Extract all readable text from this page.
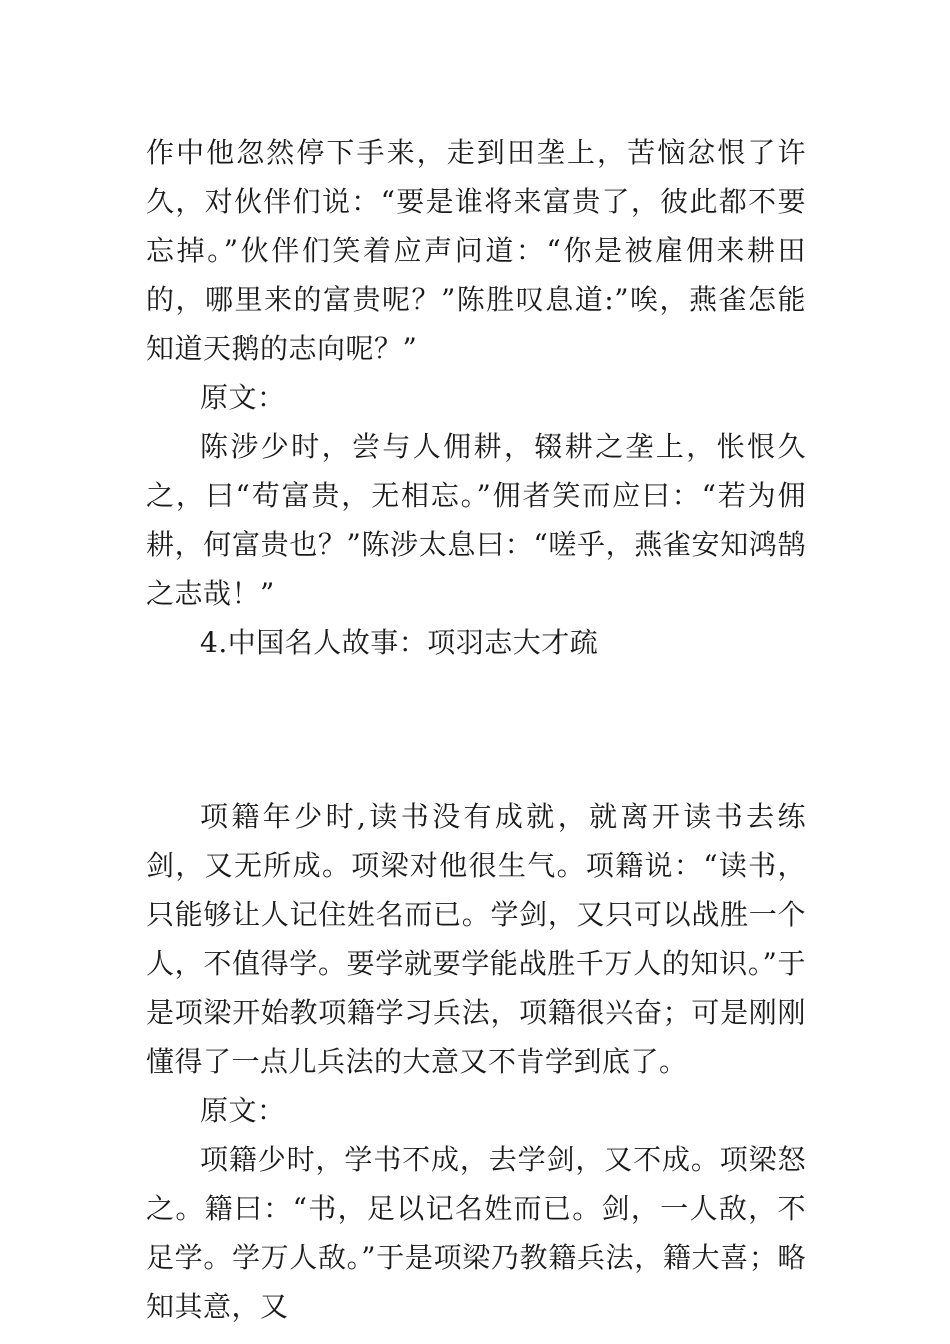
作中他忽然停下手来，走到田垄上，苦恼忿恨了许久，对伙伴们说：“要是谁将来富贵了，彼此都不要忘掉。”伙伴们笑着应声问道：“你是被雇佣来耕田的，哪里来的富贵呢？”陈胜叹息道:”唉，燕雀怎能知道天鹅的志向呢？”

原文：

陈涉少时，尝与人佣耕，辍耕之垄上，怅恨久之，曰“苟富贵，无相忘。”佣者笑而应曰：“若为佣耕，何富贵也？”陈涉太息曰：“嗟乎，燕雀安知鸿鹄之志哉！”

4.中国名人故事：项羽志大才疏

项籍年少时,读书没有成就，就离开读书去练剑，又无所成。项梁对他很生气。项籍说：“读书，只能够让人记住姓名而已。学剑，又只可以战胜一个人，不值得学。要学就要学能战胜千万人的知识。”于是项梁开始教项籍学习兵法，项籍很兴奋；可是刚刚懂得了一点儿兵法的大意又不肯学到底了。

原文：

项籍少时，学书不成，去学剑，又不成。项梁怒之。籍曰：“书，足以记名姓而已。剑，一人敌，不足学。学万人敌。”于是项梁乃教籍兵法，籍大喜；略知其意，又
